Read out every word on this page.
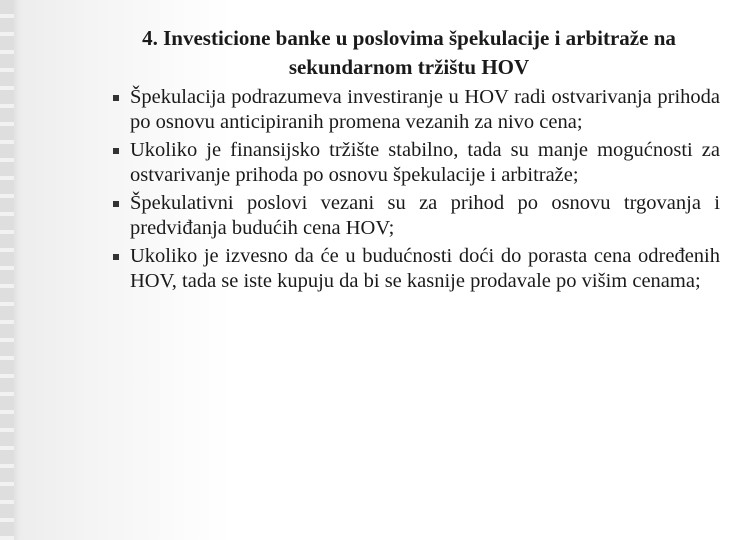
4. Investicione banke u poslovima špekulacije i arbitraže na sekundarnom tržištu HOV
Špekulacija podrazumeva investiranje u HOV radi ostvarivanja prihoda po osnovu anticipiranih promena vezanih za nivo cena;
Ukoliko je finansijsko tržište stabilno, tada su manje mogućnosti za ostvarivanje prihoda po osnovu špekulacije i arbitraže;
Špekulativni poslovi vezani su za prihod po osnovu trgovanja i predviđanja budućih cena HOV;
Ukoliko je izvesno da će u budućnosti doći do porasta cena određenih HOV, tada se iste kupuju da bi se kasnije prodavale po višim cenama;
